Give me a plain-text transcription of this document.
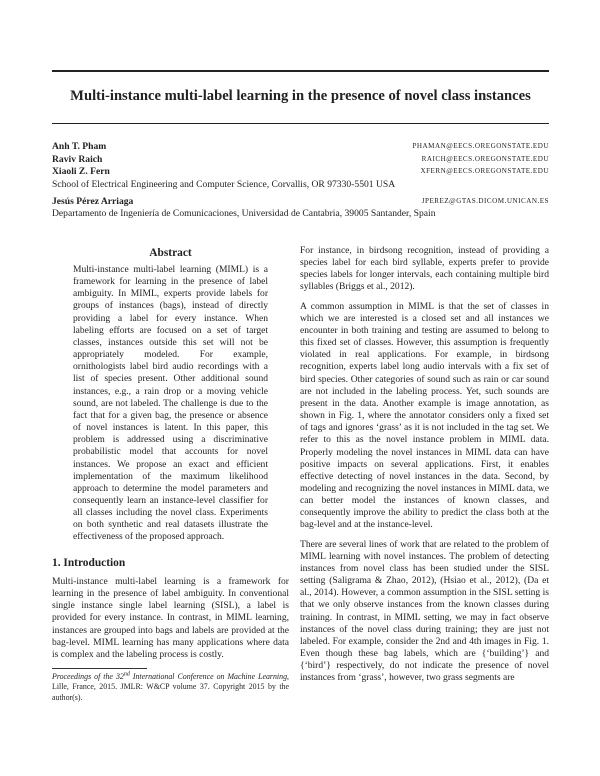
Multi-instance multi-label learning in the presence of novel class instances
Anh T. Pham	PHAMAN@EECS.OREGONSTATE.EDU
Raviv Raich	RAICH@EECS.OREGONSTATE.EDU
Xiaoli Z. Fern	XFERN@EECS.OREGONSTATE.EDU
School of Electrical Engineering and Computer Science, Corvallis, OR 97330-5501 USA
Jesús Pérez Arriaga	JPEREZ@GTAS.DICOM.UNICAN.ES
Departamento de Ingeniería de Comunicaciones, Universidad de Cantabria, 39005 Santander, Spain
Abstract
Multi-instance multi-label learning (MIML) is a framework for learning in the presence of label ambiguity. In MIML, experts provide labels for groups of instances (bags), instead of directly providing a label for every instance. When labeling efforts are focused on a set of target classes, instances outside this set will not be appropriately modeled. For example, ornithologists label bird audio recordings with a list of species present. Other additional sound instances, e.g., a rain drop or a moving vehicle sound, are not labeled. The challenge is due to the fact that for a given bag, the presence or absence of novel instances is latent. In this paper, this problem is addressed using a discriminative probabilistic model that accounts for novel instances. We propose an exact and efficient implementation of the maximum likelihood approach to determine the model parameters and consequently learn an instance-level classifier for all classes including the novel class. Experiments on both synthetic and real datasets illustrate the effectiveness of the proposed approach.
1. Introduction
Multi-instance multi-label learning is a framework for learning in the presence of label ambiguity. In conventional single instance single label learning (SISL), a label is provided for every instance. In contrast, in MIML learning, instances are grouped into bags and labels are provided at the bag-level. MIML learning has many applications where data is complex and the labeling process is costly.
Proceedings of the 32nd International Conference on Machine Learning, Lille, France, 2015. JMLR: W&CP volume 37. Copyright 2015 by the author(s).

For instance, in birdsong recognition, instead of providing a species label for each bird syllable, experts prefer to provide species labels for longer intervals, each containing multiple bird syllables (Briggs et al., 2012).

A common assumption in MIML is that the set of classes in which we are interested is a closed set and all instances we encounter in both training and testing are assumed to belong to this fixed set of classes. However, this assumption is frequently violated in real applications. For example, in birdsong recognition, experts label long audio intervals with a fix set of bird species. Other categories of sound such as rain or car sound are not included in the labeling process. Yet, such sounds are present in the data. Another example is image annotation, as shown in Fig. 1, where the annotator considers only a fixed set of tags and ignores ‘grass’ as it is not included in the tag set. We refer to this as the novel instance problem in MIML data. Properly modeling the novel instances in MIML data can have positive impacts on several applications. First, it enables effective detecting of novel instances in the data. Second, by modeling and recognizing the novel instances in MIML data, we can better model the instances of known classes, and consequently improve the ability to predict the class both at the bag-level and at the instance-level.

There are several lines of work that are related to the problem of MIML learning with novel instances. The problem of detecting instances from novel class has been studied under the SISL setting (Saligrama & Zhao, 2012), (Hsiao et al., 2012), (Da et al., 2014). However, a common assumption in the SISL setting is that we only observe instances from the known classes during training. In contrast, in MIML setting, we may in fact observe instances of the novel class during training; they are just not labeled. For example, consider the 2nd and 4th images in Fig. 1. Even though these bag labels, which are {‘building’} and {‘bird’} respectively, do not indicate the presence of novel instances from ‘grass’, however, two grass segments are
